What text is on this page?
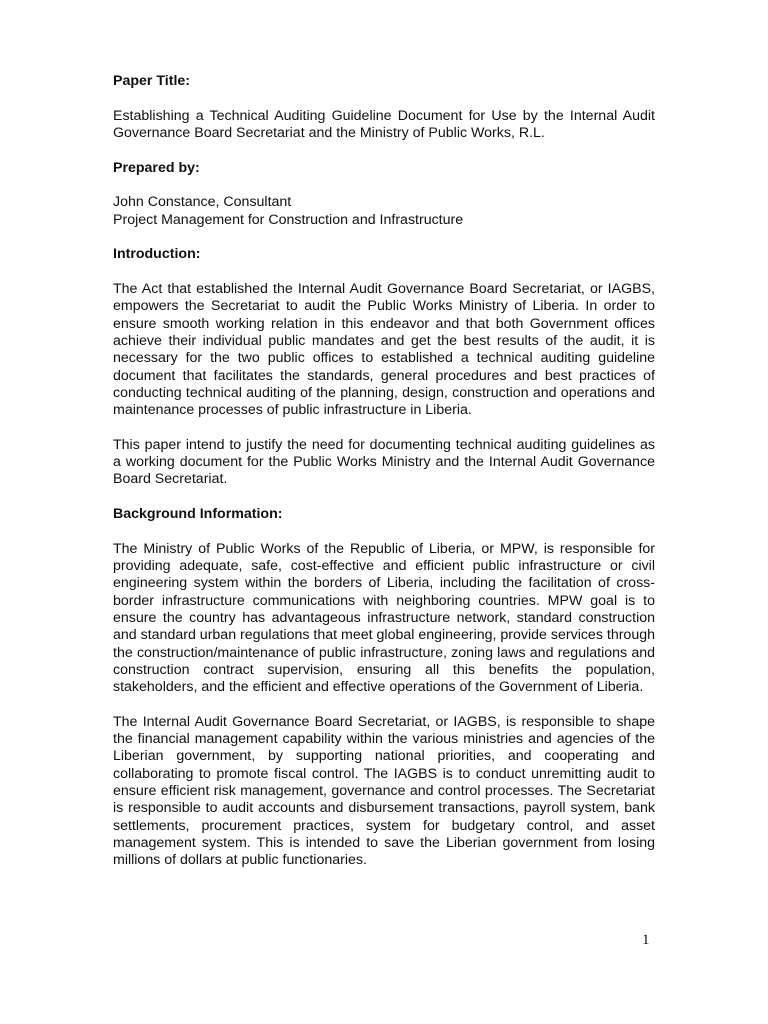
Paper Title:

Establishing a Technical Auditing Guideline Document for Use by the Internal Audit Governance Board Secretariat and the Ministry of Public Works, R.L.

Prepared by:

John Constance, Consultant

Project Management for Construction and Infrastructure

Introduction:

The Act that established the Internal Audit Governance Board Secretariat, or IAGBS, empowers the Secretariat to audit the Public Works Ministry of Liberia. In order to ensure smooth working relation in this endeavor and that both Government offices achieve their individual public mandates and get the best results of the audit, it is necessary for the two public offices to established a technical auditing guideline document that facilitates the standards, general procedures and best practices of conducting technical auditing of the planning, design, construction and operations and maintenance processes of public infrastructure in Liberia.

This paper intend to justify the need for documenting technical auditing guidelines as a working document for the Public Works Ministry and the Internal Audit Governance Board Secretariat.

Background Information:

The Ministry of Public Works of the Republic of Liberia, or MPW, is responsible for providing adequate, safe, cost-effective and efficient public infrastructure or civil engineering system within the borders of Liberia, including the facilitation of cross-border infrastructure communications with neighboring countries. MPW goal is to ensure the country has advantageous infrastructure network, standard construction and standard urban regulations that meet global engineering, provide services through the construction/maintenance of public infrastructure, zoning laws and regulations and construction contract supervision, ensuring all this benefits the population, stakeholders, and the efficient and effective operations of the Government of Liberia.

The Internal Audit Governance Board Secretariat, or IAGBS, is responsible to shape the financial management capability within the various ministries and agencies of the Liberian government, by supporting national priorities, and cooperating and collaborating to promote fiscal control. The IAGBS is to conduct unremitting audit to ensure efficient risk management, governance and control processes. The Secretariat is responsible to audit accounts and disbursement transactions, payroll system, bank settlements, procurement practices, system for budgetary control, and asset management system. This is intended to save the Liberian government from losing millions of dollars at public functionaries.

1
